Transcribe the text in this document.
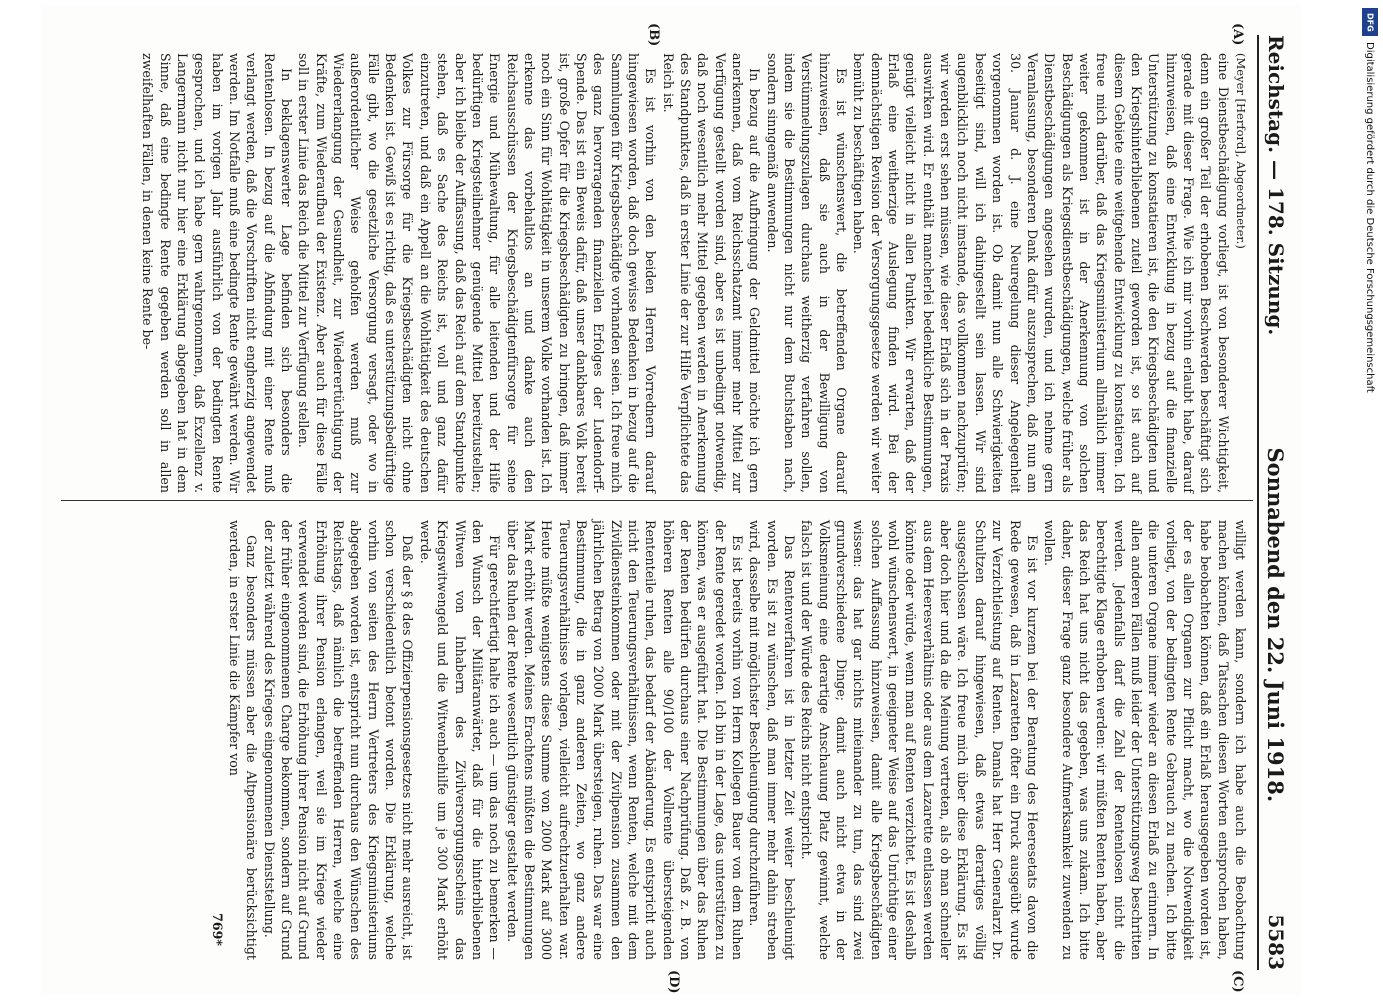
DFG
Digitalisierung gefördert durch die Deutsche Forschungsgemeinschaft
Reichstag. — 178. Sitzung.
Sonnabend den 22. Juni 1918.
5583
(A)
(B)
(C)
(D)

(Meyer [Herford], Abgeordneter.)

eine Dienstbeschädigung vorliegt, ist von besonderer Wichtigkeit, denn ein großer Teil der erhobenen Beschwerden beschäftigt sich gerade mit dieser Frage. Wie ich mir vorhin erlaubt habe, darauf hinzuweisen, daß eine Entwicklung in bezug auf die finanzielle Unterstützung zu konstatieren ist, die den Kriegsbeschädigten und den Kriegshinterbliebenen zuteil geworden ist, so ist auch auf diesem Gebiete eine weitgehende Entwicklung zu konstatieren. Ich freue mich darüber, daß das Kriegsministerium allmählich immer weiter gekommen ist in der Anerkennung von solchen Beschädigungen als Kriegsdienstbeschädigungen, welche früher als Dienstbeschädigungen angesehen wurden, und ich nehme gern Veranlassung, besonderen Dank dafür auszusprechen, daß nun am 30. Januar d. J. eine Neuregelung dieser Angelegenheit vorgenommen worden ist. Ob damit nun alle Schwierigkeiten beseitigt sind, will ich dahingestellt sein lassen. Wir sind augenblicklich noch nicht imstande, das vollkommen nachzuprüfen; wir werden erst sehen müssen, wie dieser Erlaß sich in der Praxis auswirken wird. Er enthält mancherlei bedenkliche Bestimmungen, genügt vielleicht nicht in allen Punkten. Wir erwarten, daß der Erlaß eine weitherzige Auslegung finden wird. Bei der demnächstigen Revision der Versorgungsgesetze werden wir weiter bemüht zu beschäftigen haben.

Es ist wünschenswert, die betreffenden Organe darauf hinzuweisen, daß sie auch in der Bewilligung von Verstümmelungszulagen durchaus weitherzig verfahren sollen, indem sie die Bestimmungen nicht nur dem Buchstaben nach, sondern sinngemäß anwenden.

In bezug auf die Aufbringung der Geldmittel möchte ich gern anerkennen, daß vom Reichsschatzamt immer mehr Mittel zur Verfügung gestellt worden sind, aber es ist unbedingt notwendig, daß noch wesentlich mehr Mittel gegeben werden in Anerkennung des Standpunktes, daß in erster Linie der zur Hilfe Verpflichtete das Reich ist.

Es ist vorhin von den beiden Herren Vorrednern darauf hingewiesen worden, daß doch gewisse Bedenken in bezug auf die Sammlungen für Kriegsbeschädigte vorhanden seien. Ich freue mich des ganz hervorragenden finanziellen Erfolges der Ludendorff-Spende. Das ist ein Beweis dafür, daß unser dankbares Volk bereit ist, große Opfer für die Kriegsbeschädigten zu bringen, daß immer noch ein Sinn für Wohltätigkeit in unserem Volke vorhanden ist. Ich erkenne das vorbehaltlos an und danke auch den Reichsausschüssen der Kriegsbeschädigtenfürsorge für seine Energie und Mühewaltung, für alle leitenden und der Hilfe bedürftigen Kriegsteilnehmer genügende Mittel bereitzustellen; aber ich bleibe der Auffassung, daß das Reich auf dem Standpunkte stehen, daß es Sache des Reichs ist, voll und ganz dafür einzutreten, und daß ein Appell an die Wohltätigkeit des deutschen Volkes zur Fürsorge für die Kriegsbeschädigten nicht ohne Bedenken ist. Gewiß ist es richtig, daß es unterstützungsbedürftige Fälle gibt, wo die gesetzliche Versorgung versagt, oder wo in außerordentlicher Weise geholfen werden muß zur Wiedererlangung der Gesundheit, zur Wiederertüchtigung der Kräfte, zum Wiederaufbau der Existenz. Aber auch für diese Fälle soll in erster Linie das Reich die Mittel zur Verfügung stellen.

In beklagenswerter Lage befinden sich besonders die Rentenlosen. In bezug auf die Abfindung mit einer Rente muß verlangt werden, daß die Vorschriften nicht engherzig angewendet werden. Im Notfalle muß eine bedingte Rente gewährt werden. Wir haben im vorigen Jahr ausführlich von der bedingten Rente gesprochen, und ich habe gern wahrgenommen, daß Exzellenz v. Langermann nicht nur hier eine Erklärung abgegeben hat in dem Sinne, daß eine bedingte Rente gegeben werden soll in allen zweifelhaften Fällen, in denen keine Rente be-

willigt werden kann, sondern ich habe auch die Beobachtung machen können, daß Tatsachen diesen Worten entsprochen haben, habe beobachten können, daß ein Erlaß herausgegeben worden ist, der es allen Organen zur Pflicht macht, wo die Notwendigkeit vorliegt, von der bedingten Rente Gebrauch zu machen. Ich bitte die unteren Organe immer wieder an diesen Erlaß zu erinnern. In allen anderen Fällen muß leider der Unterstützungsweg beschritten werden. Jedenfalls darf die Zahl der Rentenlosen nicht die berechtigte Klage erhoben werden: wir müßten Renten haben, aber das Reich hat uns nicht das gegeben, was uns zukam. Ich bitte daher, dieser Frage ganz besondere Aufmerksamkeit zuwenden zu wollen.

Es ist vor kurzem bei der Beratung des Heeresetats davon die Rede gewesen, daß in Lazaretten öfter ein Druck ausgeübt wurde zur Verzichtleistung auf Renten. Damals hat Herr Generalarzt Dr. Schultzen darauf hingewiesen, daß etwas derartiges völlig ausgeschlossen wäre. Ich freue mich über diese Erklärung. Es ist aber doch hier und da die Meinung vertreten, als ob man schneller aus dem Heeresverhältnis oder aus dem Lazarette entlassen werden könnte oder würde, wenn man auf Renten verzichtet. Es ist deshalb wohl wünschenswert, in geeigneter Weise auf das Unrichtige einer solchen Auffassung hinzuweisen, damit alle Kriegsbeschädigten wissen: das hat gar nichts miteinander zu tun, das sind zwei grundverschiedene Dinge; damit auch nicht etwa in der Volksmeinung eine derartige Anschauung Platz gewinnt, welche falsch ist und der Würde des Reichs nicht entspricht.

Das Rentenverfahren ist in letzter Zeit weiter beschleunigt worden. Es ist zu wünschen, daß man immer mehr dahin streben wird, dasselbe mit möglichster Beschleunigung durchzuführen.

Es ist bereits vorhin von Herrn Kollegen Bauer von dem Ruhen der Rente geredet worden. Ich bin in der Lage, das unterstützen zu können, was er ausgeführt hat. Die Bestimmungen über das Ruhen der Renten bedürfen durchaus einer Nachprüfung. Daß z. B. von höheren Renten alle 90/100 der Vollrente übersteigenden Rententeile ruhen, das bedarf der Abänderung. Es entspricht auch nicht den Teuerungsverhältnissen, wenn Renten, welche mit dem Zivildiensteinkommen oder mit der Zivilpension zusammen den jährlichen Betrag von 2000 Mark übersteigen, ruhen. Das war eine Bestimmung, die in ganz anderen Zeiten, wo ganz andere Teuerungsverhältnisse vorlagen, vielleicht aufrechtzuerhalten war. Heute müßte wenigstens diese Summe von 2000 Mark auf 3000 Mark erhöht werden. Meines Erachtens müßten die Bestimmungen über das Ruhen der Rente wesentlich günstiger gestaltet werden.

Für gerechtfertigt halte ich auch — um das noch zu bemerken — den Wunsch der Militäranwärter, daß für die hinterbliebenen Witwen von Inhabern des Zivilversorgungsscheins das Kriegswitwengeld und die Witwenbeihilfe um je 300 Mark erhöht werde.

Daß der § 8 des Offizierpensionsgesetzes nicht mehr ausreicht, ist schon verschiedentlich betont worden. Die Erklärung, welche vorhin von seiten des Herrn Vertreters des Kriegsministeriums abgegeben worden ist, entspricht nun durchaus den Wünschen des Reichstags, daß nämlich die betreffenden Herren, welche eine Erhöhung ihrer Pension erlangen, weil sie im Kriege wieder verwendet worden sind, die Erhöhung ihrer Pension nicht auf Grund der früher eingenommenen Charge bekommen, sondern auf Grund der zuletzt während des Krieges eingenommenen Dienststellung.

Ganz besonders müssen aber die Altpensionäre berücksichtigt werden, in erster Linie die Kämpfer von

769*
